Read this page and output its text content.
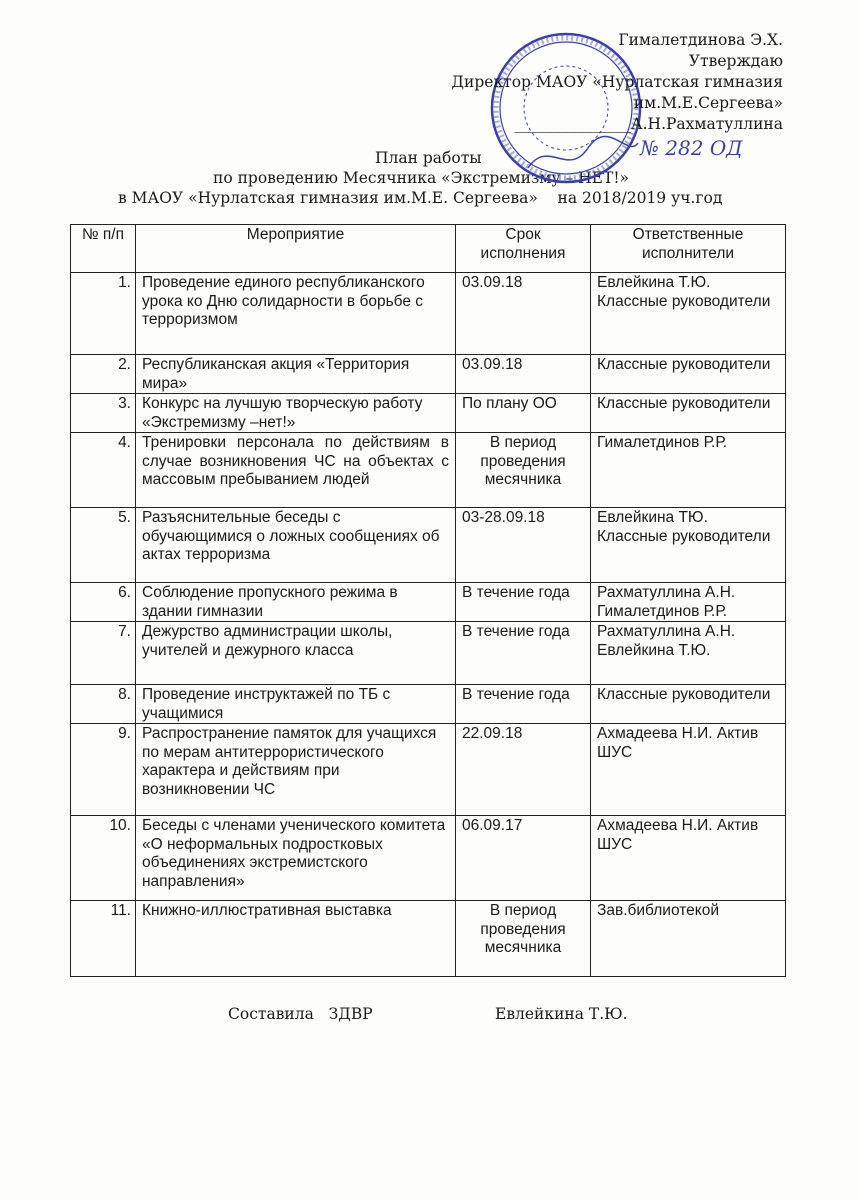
Гималетдинова Э.Х.
Утверждаю
Директор МАОУ «Нурлатская гимназия
им.М.Е.Сергеева»
_______________А.Н.Рахматуллина
№ 282 ОД
План работы
по проведению Месячника «Экстремизму – НЕТ!»
в МАОУ «Нурлатская гимназия им.М.Е. Сергеева»    на 2018/2019 уч.год
№ п/п	Мероприятие	Срок исполнения	Ответственные исполнители
1.	Проведение единого республиканского урока ко Дню солидарности в борьбе с терроризмом	03.09.18	Евлейкина Т.Ю. Классные руководители
2.	Республиканская акция «Территория мира»	03.09.18	Классные руководители
3.	Конкурс на лучшую творческую работу «Экстремизму –нет!»	По плану ОО	Классные руководители
4.	Тренировки персонала по действиям в случае возникновения ЧС на объектах с массовым пребыванием людей	В период проведения месячника	Гималетдинов Р.Р.
5.	Разъяснительные беседы с обучающимися о ложных сообщениях об актах терроризма	03-28.09.18	Евлейкина ТЮ. Классные руководители
6.	Соблюдение пропускного режима в здании гимназии	В течение года	Рахматуллина А.Н. Гималетдинов Р.Р.
7.	Дежурство администрации школы, учителей и дежурного класса	В течение года	Рахматуллина А.Н. Евлейкина Т.Ю.
8.	Проведение инструктажей по ТБ с учащимися	В течение года	Классные руководители
9.	Распространение памяток для учащихся по мерам антитеррористического характера и действиям при возникновении ЧС	22.09.18	Ахмадеева Н.И. Актив ШУС
10.	Беседы с членами ученического комитета «О неформальных подростковых объединениях экстремистского направления»	06.09.17	Ахмадеева Н.И. Актив ШУС
11.	Книжно-иллюстративная выставка	В период проведения месячника	Зав.библиотекой
Составила   ЗДВР	Евлейкина Т.Ю.
